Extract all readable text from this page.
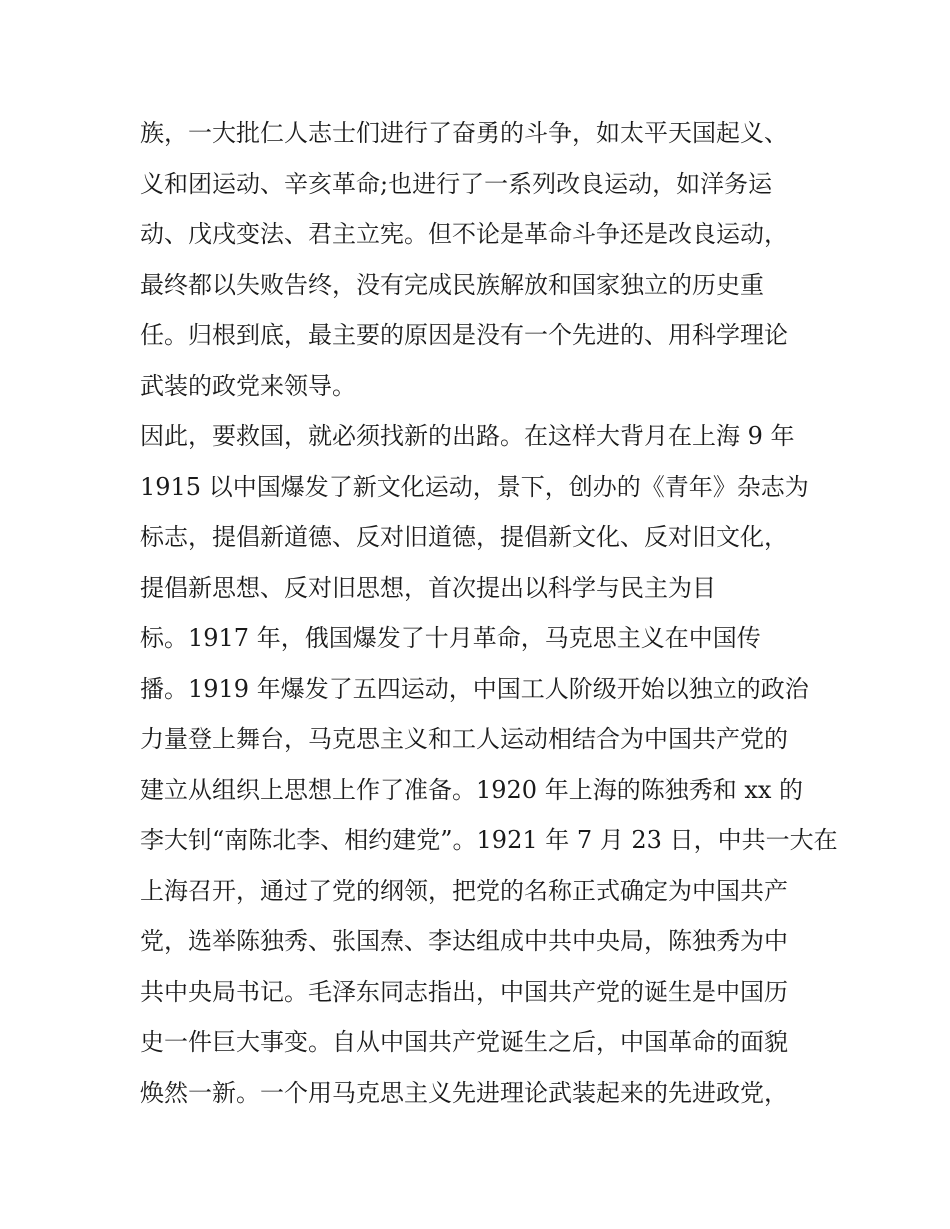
族，一大批仁人志士们进行了奋勇的斗争，如太平天国起义、

义和团运动、辛亥革命;也进行了一系列改良运动，如洋务运

动、戊戌变法、君主立宪。但不论是革命斗争还是改良运动，

最终都以失败告终，没有完成民族解放和国家独立的历史重

任。归根到底，最主要的原因是没有一个先进的、用科学理论

武装的政党来领导。

因此，要救国，就必须找新的出路。在这样大背月在上海 9 年

1915 以中国爆发了新文化运动，景下，创办的《青年》杂志为

标志，提倡新道德、反对旧道德，提倡新文化、反对旧文化，

提倡新思想、反对旧思想，首次提出以科学与民主为目

标。1917 年，俄国爆发了十月革命，马克思主义在中国传

播。1919 年爆发了五四运动，中国工人阶级开始以独立的政治

力量登上舞台，马克思主义和工人运动相结合为中国共产党的

建立从组织上思想上作了准备。1920 年上海的陈独秀和 xx 的

李大钊“南陈北李、相约建党”。1921 年 7 月 23 日，中共一大在

上海召开，通过了党的纲领，把党的名称正式确定为中国共产

党，选举陈独秀、张国焘、李达组成中共中央局，陈独秀为中

共中央局书记。毛泽东同志指出，中国共产党的诞生是中国历

史一件巨大事变。自从中国共产党诞生之后，中国革命的面貌

焕然一新。一个用马克思主义先进理论武装起来的先进政党，
